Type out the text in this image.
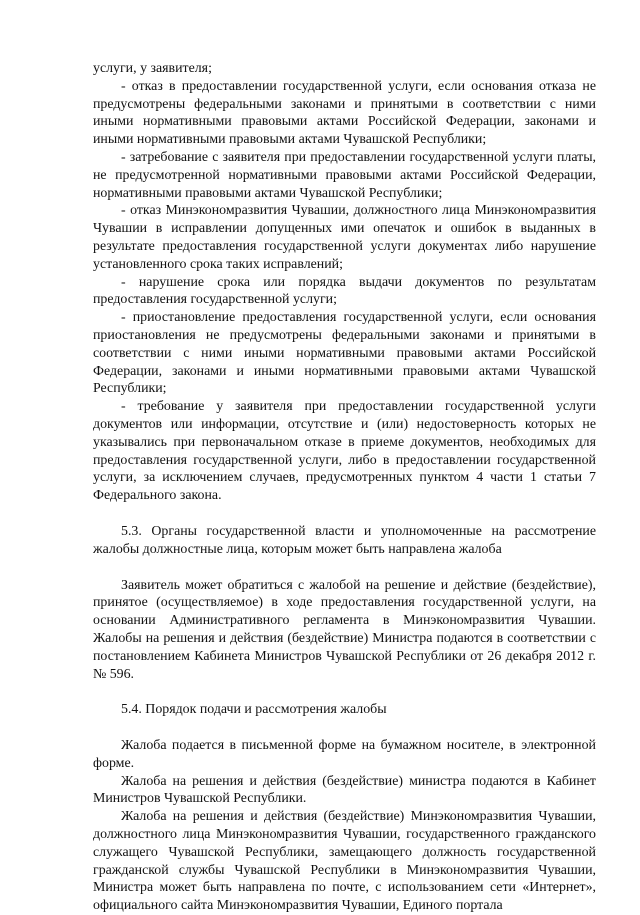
услуги, у заявителя;

- отказ в предоставлении государственной услуги, если основания отказа не предусмотрены федеральными законами и принятыми в соответствии с ними иными нормативными правовыми актами Российской Федерации, законами и иными нормативными правовыми актами Чувашской Республики;

- затребование с заявителя при предоставлении государственной услуги платы, не предусмотренной нормативными правовыми актами Российской Федерации, нормативными правовыми актами Чувашской Республики;

- отказ Минэкономразвития Чувашии, должностного лица Минэкономразвития Чувашии в исправлении допущенных ими опечаток и ошибок в выданных в результате предоставления государственной услуги документах либо нарушение установленного срока таких исправлений;

- нарушение срока или порядка выдачи документов по результатам предоставления государственной услуги;

- приостановление предоставления государственной услуги, если основания приостановления не предусмотрены федеральными законами и принятыми в соответствии с ними иными нормативными правовыми актами Российской Федерации, законами и иными нормативными правовыми актами Чувашской Республики;

- требование у заявителя при предоставлении государственной услуги документов или информации, отсутствие и (или) недостоверность которых не указывались при первоначальном отказе в приеме документов, необходимых для предоставления государственной услуги, либо в предоставлении государственной услуги, за исключением случаев, предусмотренных пунктом 4 части 1 статьи 7 Федерального закона.

5.3. Органы государственной власти и уполномоченные на рассмотрение жалобы должностные лица, которым может быть направлена жалоба

Заявитель может обратиться с жалобой на решение и действие (бездействие), принятое (осуществляемое) в ходе предоставления государственной услуги, на основании Административного регламента в Минэкономразвития Чувашии. Жалобы на решения и действия (бездействие) Министра подаются в соответствии с постановлением Кабинета Министров Чувашской Республики от 26 декабря 2012 г. № 596.

5.4. Порядок подачи и рассмотрения жалобы

Жалоба подается в письменной форме на бумажном носителе, в электронной форме.

Жалоба на решения и действия (бездействие) министра подаются в Кабинет Министров Чувашской Республики.

Жалоба на решения и действия (бездействие) Минэкономразвития Чувашии, должностного лица Минэкономразвития Чувашии, государственного гражданского служащего Чувашской Республики, замещающего должность государственной гражданской службы Чувашской Республики в Минэкономразвития Чувашии, Министра может быть направлена по почте, с использованием сети «Интернет», официального сайта Минэкономразвития Чувашии, Единого портала
